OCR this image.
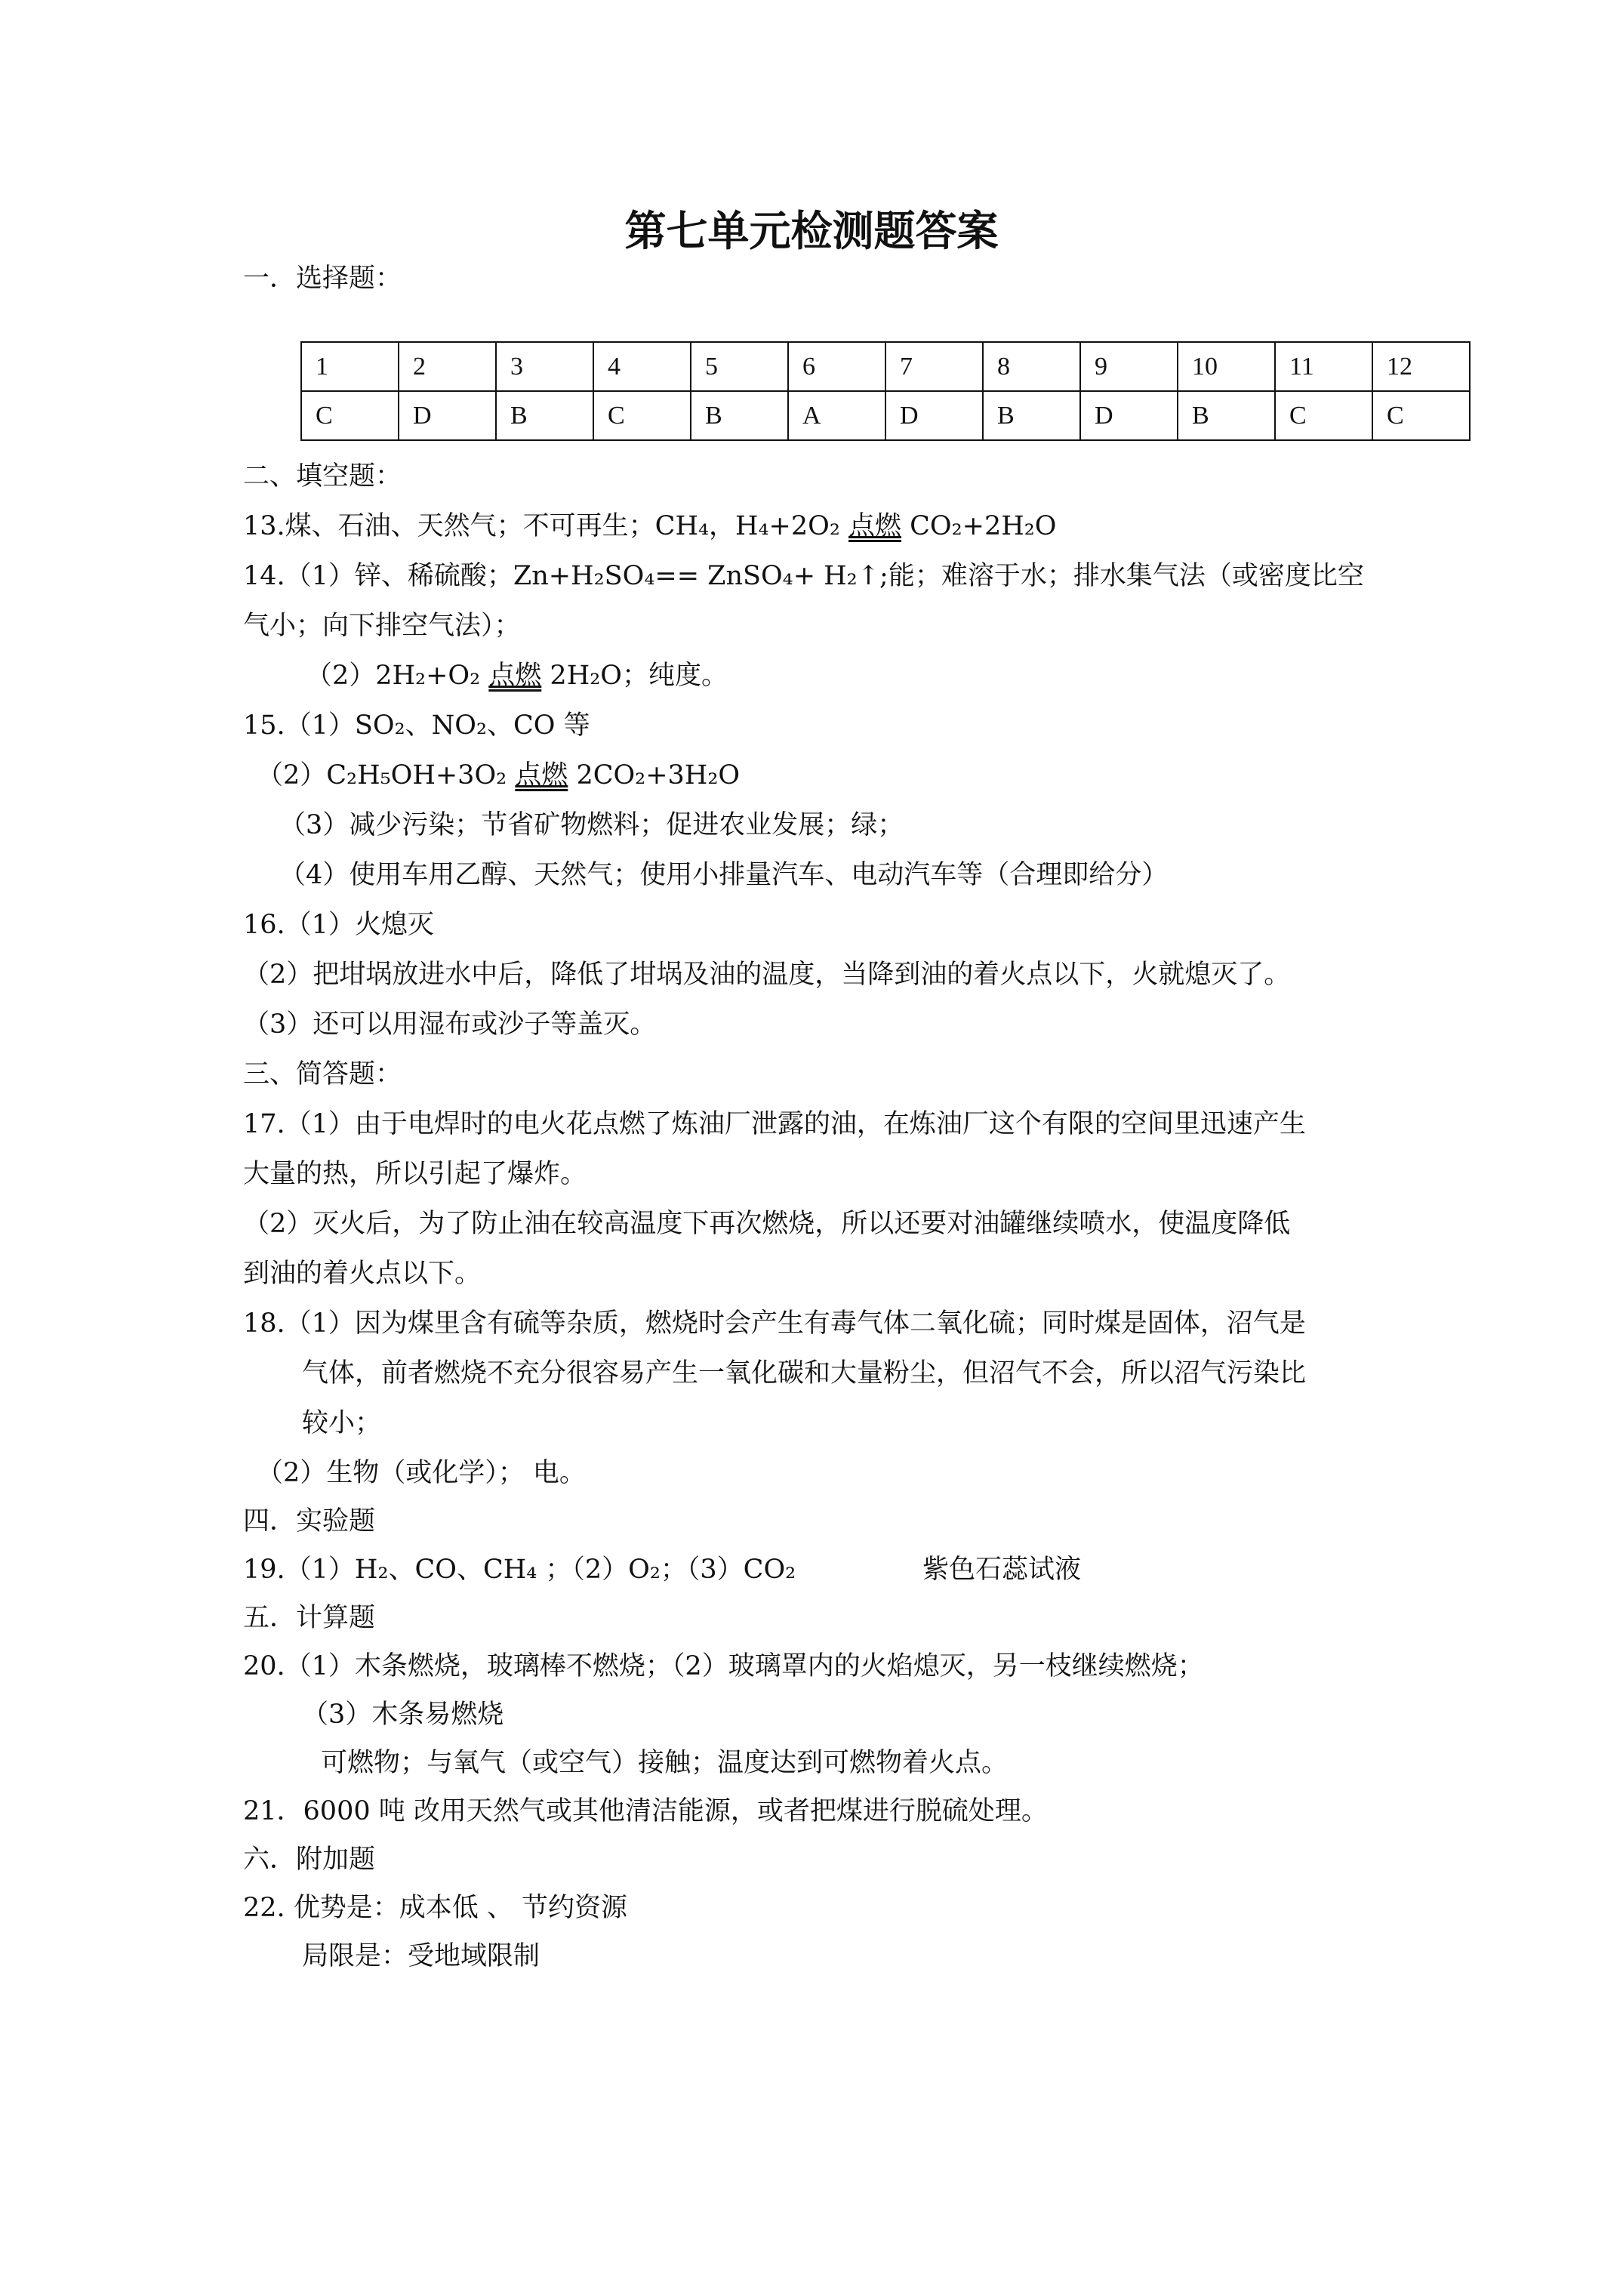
第七单元检测题答案
一．选择题：
1	2	3	4	5	6	7	8	9	10	11	12
C	D	B	C	B	A	D	B	D	B	C	C
二、填空题：
13.煤、石油、天然气；不可再生；CH₄，H₄+2O₂ 点燃 CO₂+2H₂O
14.（1）锌、稀硫酸；Zn+H₂SO₄== ZnSO₄+ H₂↑;能；难溶于水；排水集气法（或密度比空
气小；向下排空气法）；
（2）2H₂+O₂ 点燃 2H₂O；纯度。
15.（1）SO₂、NO₂、CO 等
（2）C₂H₅OH+3O₂ 点燃 2CO₂+3H₂O
（3）减少污染；节省矿物燃料；促进农业发展；绿；
（4）使用车用乙醇、天然气；使用小排量汽车、电动汽车等（合理即给分）
16.（1）火熄灭
（2）把坩埚放进水中后，降低了坩埚及油的温度，当降到油的着火点以下，火就熄灭了。
（3）还可以用湿布或沙子等盖灭。
三、简答题：
17.（1）由于电焊时的电火花点燃了炼油厂泄露的油，在炼油厂这个有限的空间里迅速产生
大量的热，所以引起了爆炸。
（2）灭火后，为了防止油在较高温度下再次燃烧，所以还要对油罐继续喷水，使温度降低
到油的着火点以下。
18.（1）因为煤里含有硫等杂质，燃烧时会产生有毒气体二氧化硫；同时煤是固体，沼气是
气体，前者燃烧不充分很容易产生一氧化碳和大量粉尘，但沼气不会，所以沼气污染比
较小；
（2）生物（或化学）； 电。
四．实验题
19.（1）H₂、CO、CH₄ ；（2）O₂；（3）CO₂	紫色石蕊试液
五．计算题
20.（1）木条燃烧，玻璃棒不燃烧；（2）玻璃罩内的火焰熄灭，另一枝继续燃烧；
（3）木条易燃烧
可燃物；与氧气（或空气）接触；温度达到可燃物着火点。
21．6000 吨 改用天然气或其他清洁能源，或者把煤进行脱硫处理。
六．附加题
22. 优势是：成本低 、 节约资源
局限是：受地域限制
